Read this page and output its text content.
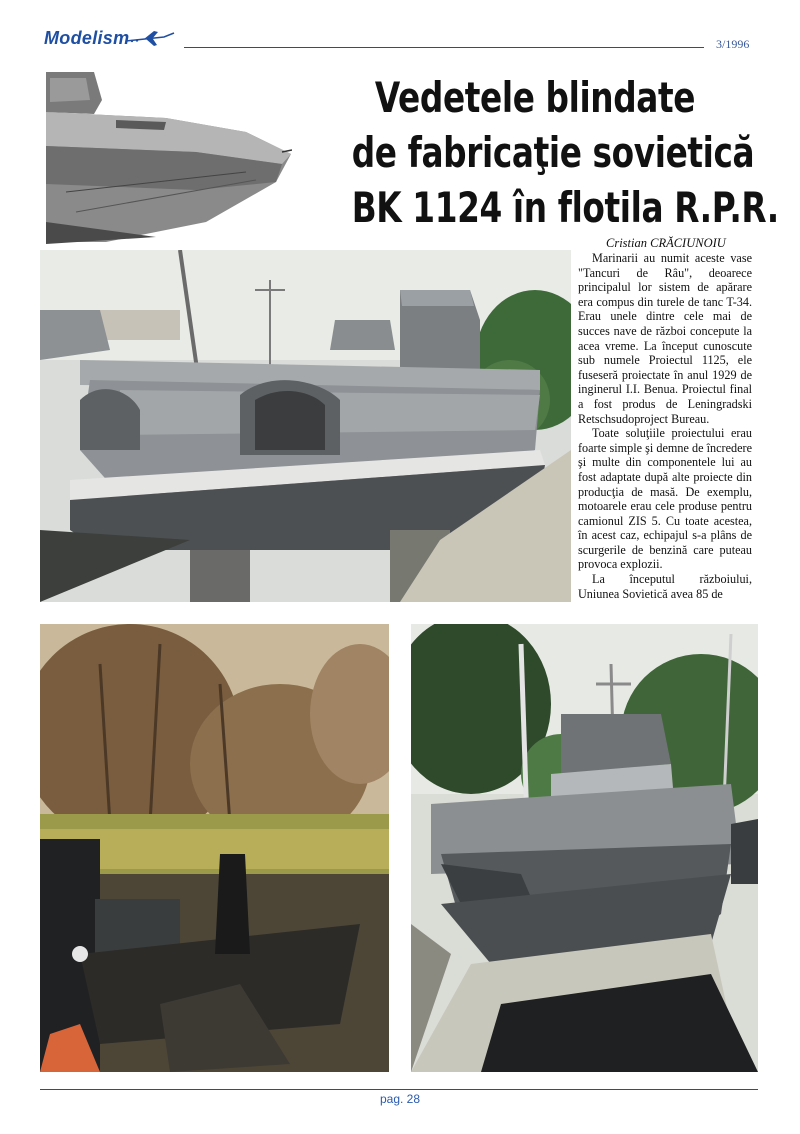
Modelism	3/1996
Vedetele blindate
de fabricaţie sovietică
BK 1124 în flotila R.P.R.
Cristian CRĂCIUNOIU

Marinarii au numit aceste vase "Tancuri de Râu", deoarece principalul lor sistem de apărare era compus din turele de tanc T-34. Erau unele dintre cele mai de succes nave de război concepute la acea vreme. La început cunoscute sub numele Proiectul 1125, ele fuseseră proiectate în anul 1929 de inginerul I.I. Benua. Proiectul final a fost produs de Leningradski Retschsudoproject Bureau.

Toate soluţiile proiectului erau foarte simple şi demne de încredere şi multe din componentele lui au fost adaptate după alte proiecte din producţia de masă. De exemplu, motoarele erau cele produse pentru camionul ZIS 5. Cu toate acestea, în acest caz, echipajul s-a plâns de scurgerile de benzină care puteau provoca explozii.

La începutul războiului, Uniunea Sovietică avea 85 de

pag. 28
